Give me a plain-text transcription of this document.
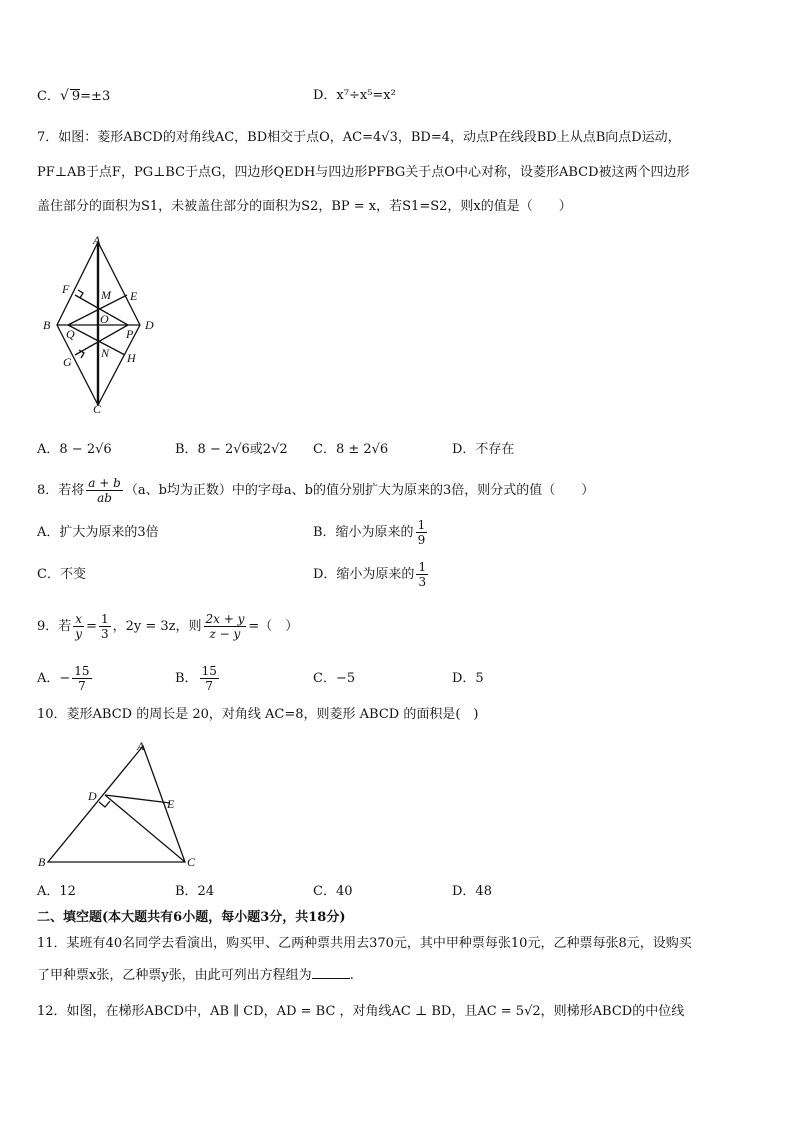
C．√ 9=±3	D．x⁷÷x⁵=x²
7．如图：菱形ABCD的对角线AC，BD相交于点O，AC=4√3，BD=4，动点P在线段BD上从点B向点D运动，
PF⊥AB于点F，PG⊥BC于点G，四边形QEDH与四边形PFBG关于点O中心对称，设菱形ABCD被这两个四边形
盖住部分的面积为S1，未被盖住部分的面积为S2，BP = x，若S1=S2，则x的值是（　　）
A
B
C
D
E
F
G	H
M
N
O
P
Q
A．8 − 2√6	B．8 − 2√6或2√2 C．8 ± 2√6	D．不存在
8．若将 $\frac{a + b}{ab} (a$、b均为正数）中的字母a、b的值分别扩大为原来的3倍，则分式的值（　　）
A．扩大为原来的3倍	B．缩小为原来的 $\frac{1}{9}$
C．不变	D．缩小为原来的 $\frac{1}{3}$
9．若 $\frac{x}{y} = \frac{1}{3}$ ，2y = 3z，则 $\frac{2x + y}{z - y}$ =（　）
A．− $\frac{15}{7}$	B． $\frac{15}{7}$	C．−5	D．5
10．菱形ABCD 的周长是 20，对角线 AC=8，则菱形 ABCD 的面积是(　)
A
B	C
D
E
A．12	B．24	C．40	D．48
二、填空题(本大题共有6小题，每小题3分，共18分)
11．某班有40名同学去看演出，购买甲、乙两种票共用去370元，其中甲种票每张10元，乙种票每张8元，设购买
了甲种票x张，乙种票y张，由此可列出方程组为	.
12．如图，在梯形ABCD中，AB ∥ CD，AD = BC ，对角线AC ⊥ BD，且AC = 5√2，则梯形ABCD的中位线
